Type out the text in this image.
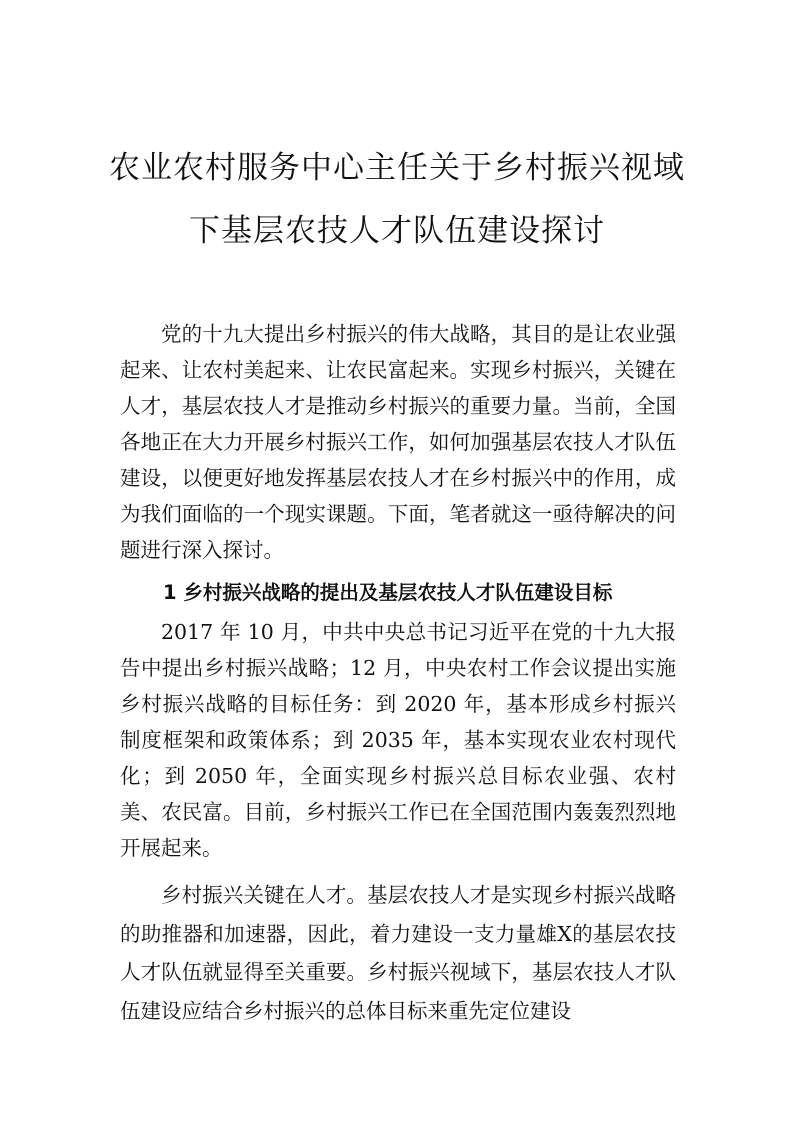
农业农村服务中心主任关于乡村振兴视域
下基层农技人才队伍建设探讨

党的十九大提出乡村振兴的伟大战略，其目的是让农业强起来、让农村美起来、让农民富起来。实现乡村振兴，关键在人才，基层农技人才是推动乡村振兴的重要力量。当前，全国各地正在大力开展乡村振兴工作，如何加强基层农技人才队伍建设，以便更好地发挥基层农技人才在乡村振兴中的作用，成为我们面临的一个现实课题。下面，笔者就这一亟待解决的问题进行深入探讨。

1 乡村振兴战略的提出及基层农技人才队伍建设目标

2017 年 10 月，中共中央总书记习近平在党的十九大报告中提出乡村振兴战略；12 月，中央农村工作会议提出实施乡村振兴战略的目标任务：到 2020 年，基本形成乡村振兴制度框架和政策体系；到 2035 年，基本实现农业农村现代化；到 2050 年，全面实现乡村振兴总目标农业强、农村美、农民富。目前，乡村振兴工作已在全国范围内轰轰烈烈地开展起来。

乡村振兴关键在人才。基层农技人才是实现乡村振兴战略的助推器和加速器，因此，着力建设一支力量雄X的基层农技人才队伍就显得至关重要。乡村振兴视域下，基层农技人才队伍建设应结合乡村振兴的总体目标来重先定位建设
